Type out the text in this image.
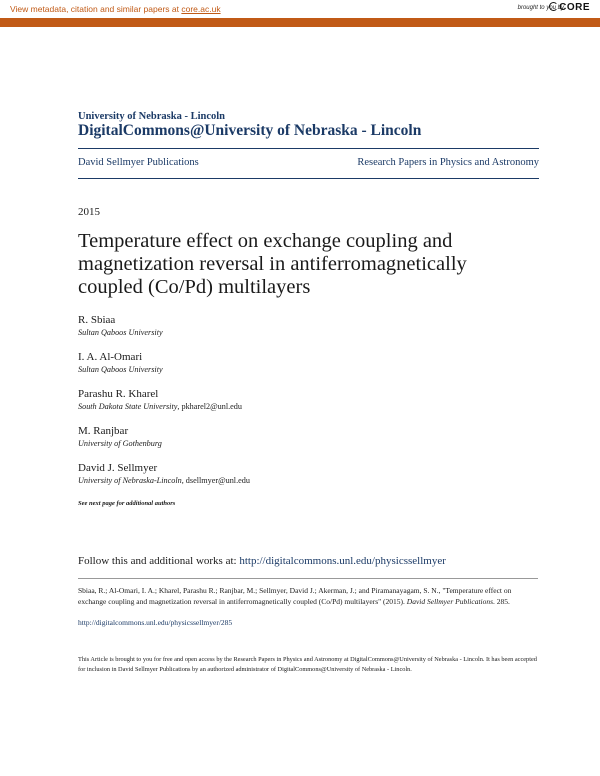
View metadata, citation and similar papers at core.ac.uk	brought to you by
CORE
provided by DigitalCommons@University of Nebraska
University of Nebraska - Lincoln
DigitalCommons@University of Nebraska - Lincoln
David Sellmyer Publications	Research Papers in Physics and Astronomy
2015
Temperature effect on exchange coupling and magnetization reversal in antiferromagnetically coupled (Co/Pd) multilayers
R. Sbiaa
Sultan Qaboos University
I. A. Al-Omari
Sultan Qaboos University
Parashu R. Kharel
South Dakota State University, pkharel2@unl.edu
M. Ranjbar
University of Gothenburg
David J. Sellmyer
University of Nebraska-Lincoln, dsellmyer@unl.edu
See next page for additional authors
Follow this and additional works at: http://digitalcommons.unl.edu/physicssellmyer
Sbiaa, R.; Al-Omari, I. A.; Kharel, Parashu R.; Ranjbar, M.; Sellmyer, David J.; Akerman, J.; and Piramanayagam, S. N., "Temperature effect on exchange coupling and magnetization reversal in antiferromagnetically coupled (Co/Pd) multilayers" (2015). David Sellmyer Publications. 285.
http://digitalcommons.unl.edu/physicssellmyer/285
This Article is brought to you for free and open access by the Research Papers in Physics and Astronomy at DigitalCommons@University of Nebraska - Lincoln. It has been accepted for inclusion in David Sellmyer Publications by an authorized administrator of DigitalCommons@University of Nebraska - Lincoln.
